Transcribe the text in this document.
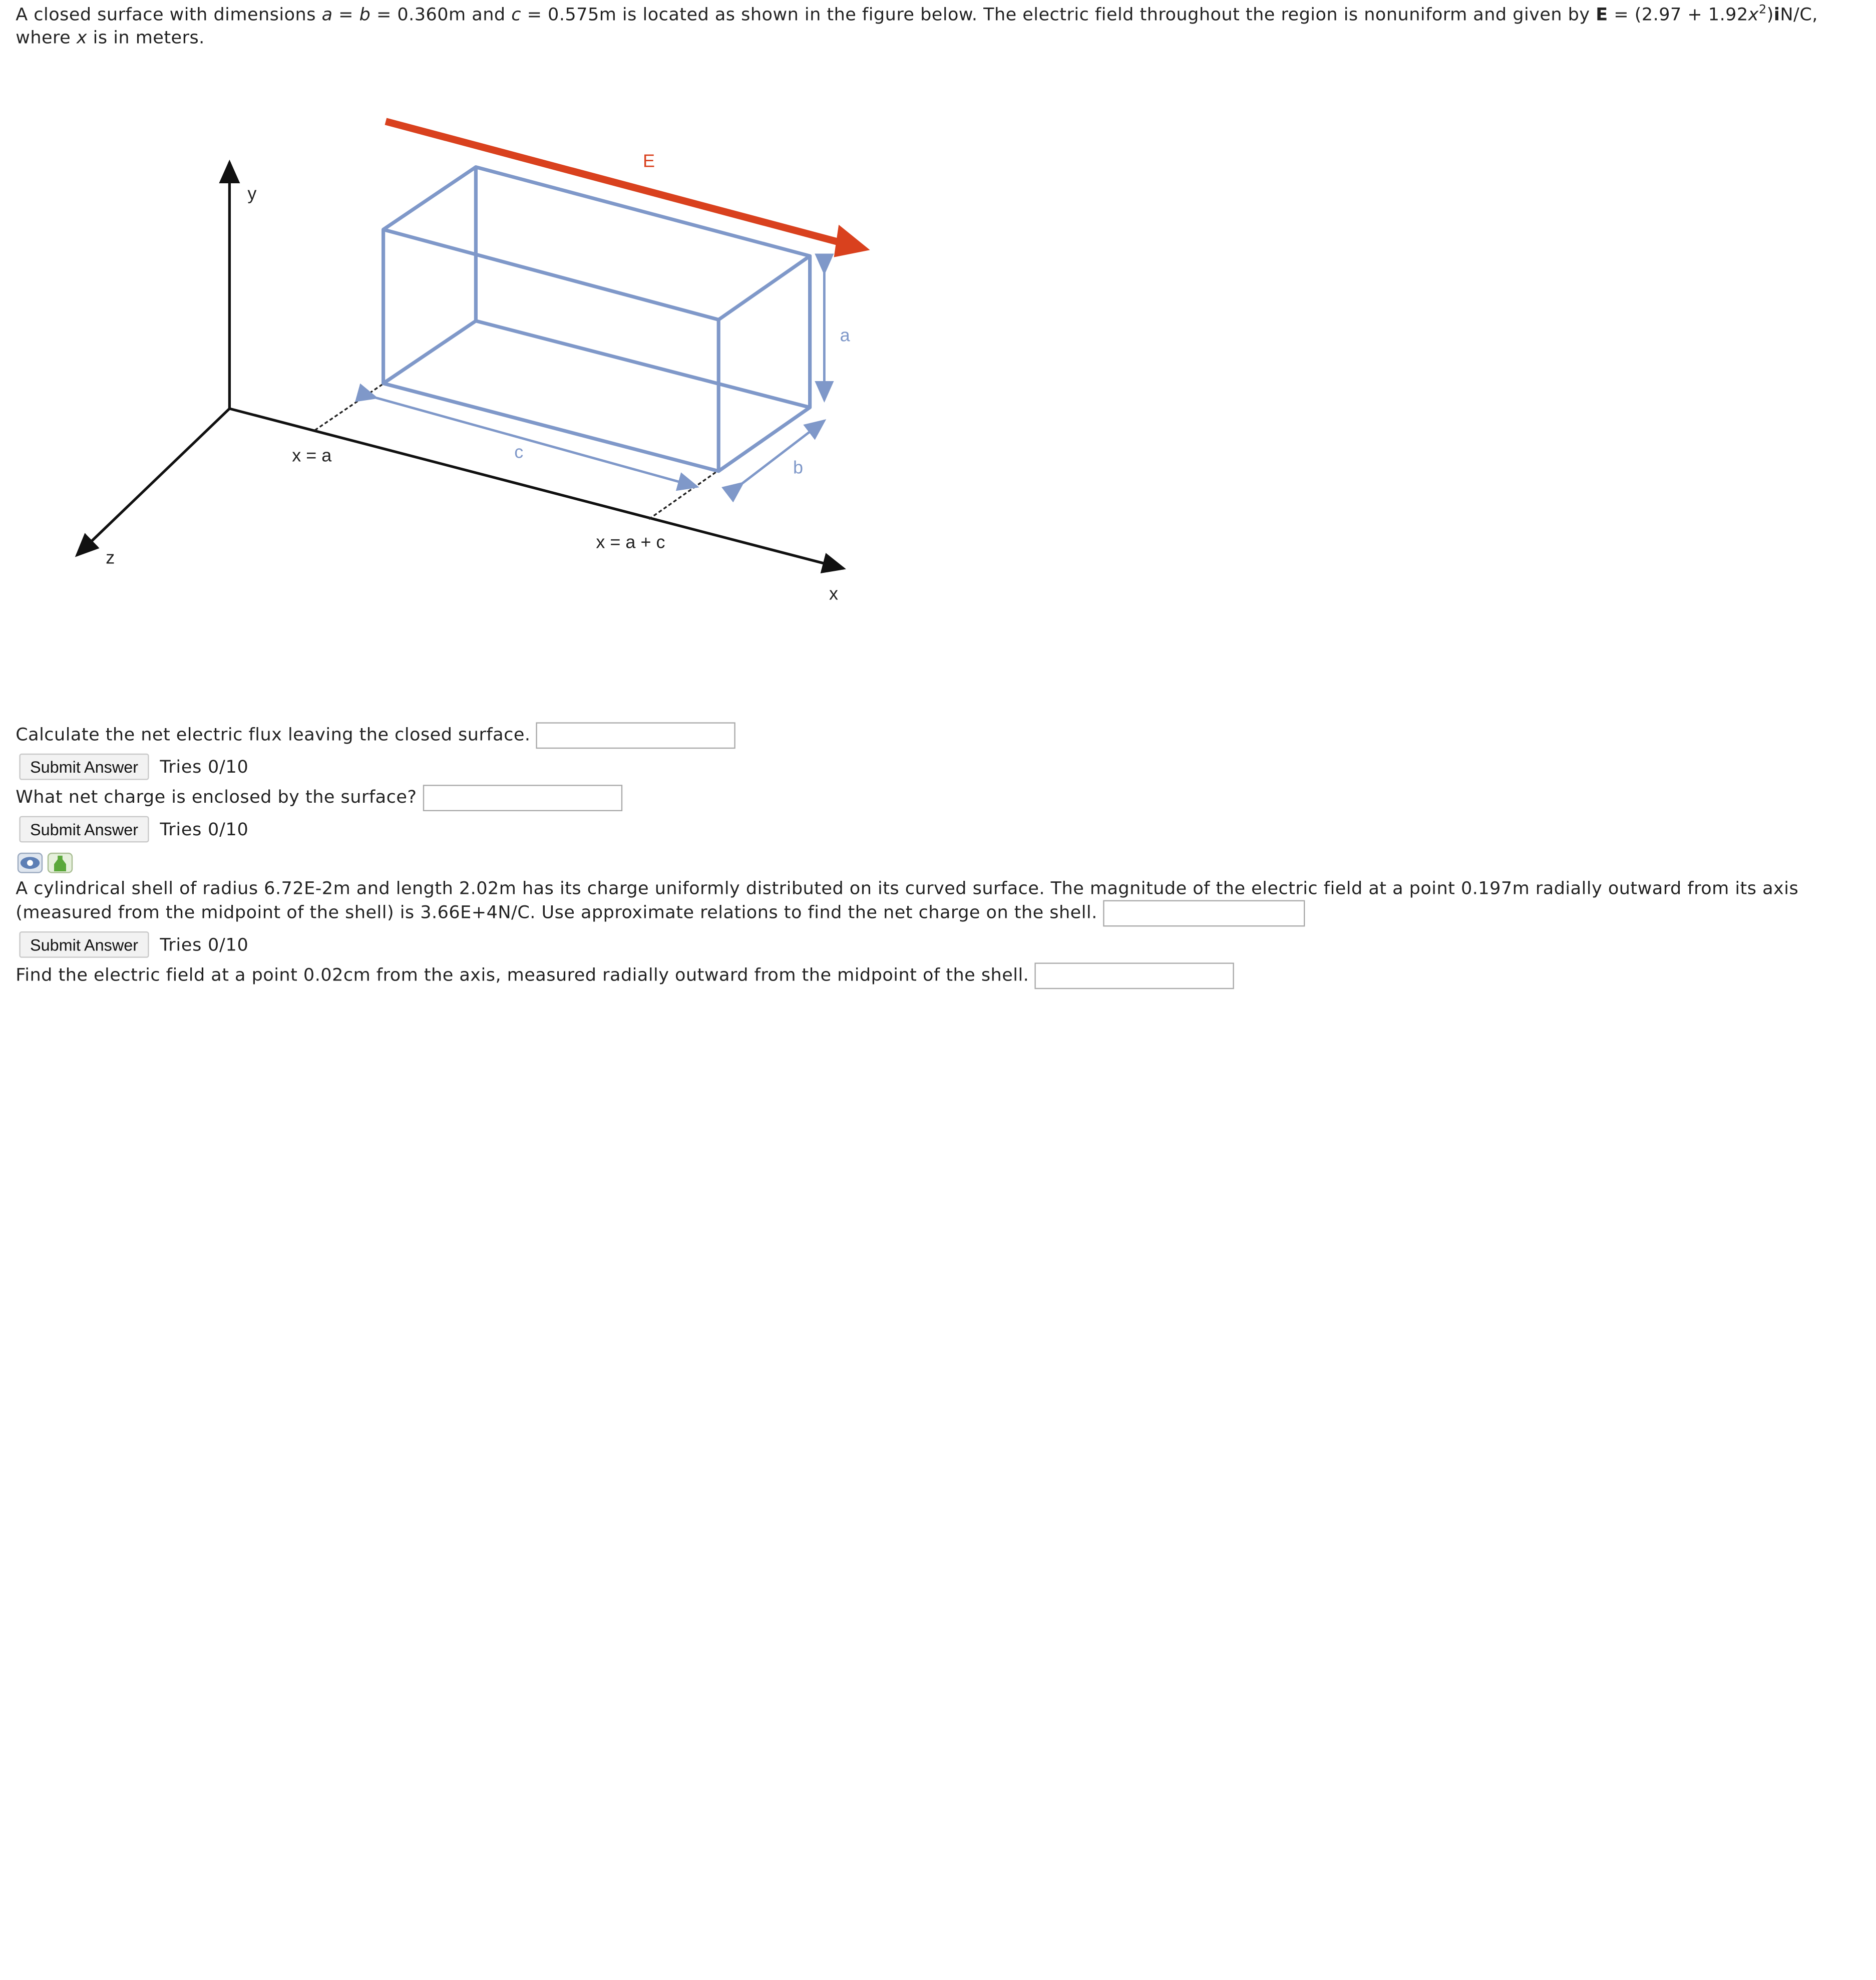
A closed surface with dimensions a = b = 0.360m and c = 0.575m is located as shown in the figure below. The electric field throughout the region is nonuniform and given by $E = (2.97 + 1.92x^2)iN/C$, where x is in meters.
y
z
x
E
a
b
c
x = a
x = a + c
Calculate the net electric flux leaving the closed surface.
Submit Answer	Tries 0/10
What net charge is enclosed by the surface?
Submit Answer	Tries 0/10
A cylindrical shell of radius 6.72E-2m and length 2.02m has its charge uniformly distributed on its curved surface. The magnitude of the electric field at a point 0.197m radially outward from its axis (measured from the midpoint of the shell) is 3.66E+4N/C. Use approximate relations to find the net charge on the shell.
Submit Answer	Tries 0/10
Find the electric field at a point 0.02cm from the axis, measured radially outward from the midpoint of the shell.
